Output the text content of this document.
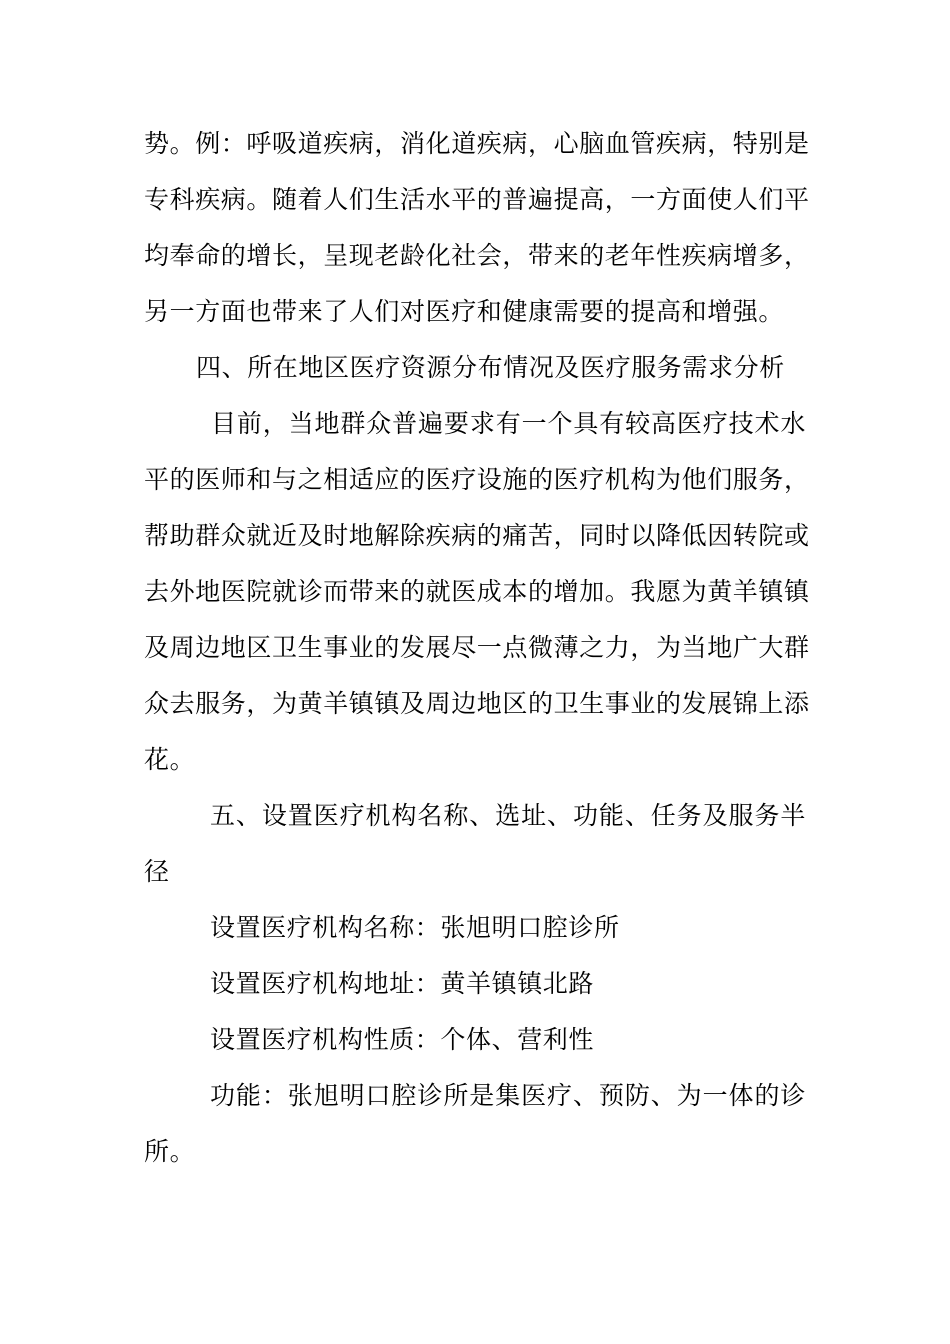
势。例：呼吸道疾病，消化道疾病，心脑血管疾病，特别是
专科疾病。随着人们生活水平的普遍提高，一方面使人们平
均奉命的增长，呈现老龄化社会，带来的老年性疾病增多，
另一方面也带来了人们对医疗和健康需要的提高和增强。
四、所在地区医疗资源分布情况及医疗服务需求分析
目前，当地群众普遍要求有一个具有较高医疗技术水
平的医师和与之相适应的医疗设施的医疗机构为他们服务，
帮助群众就近及时地解除疾病的痛苦，同时以降低因转院或
去外地医院就诊而带来的就医成本的增加。我愿为黄羊镇镇
及周边地区卫生事业的发展尽一点微薄之力，为当地广大群
众去服务，为黄羊镇镇及周边地区的卫生事业的发展锦上添
花。
五、设置医疗机构名称、选址、功能、任务及服务半
径
设置医疗机构名称：张旭明口腔诊所
设置医疗机构地址：黄羊镇镇北路
设置医疗机构性质：个体、营利性
功能：张旭明口腔诊所是集医疗、预防、为一体的诊
所。
